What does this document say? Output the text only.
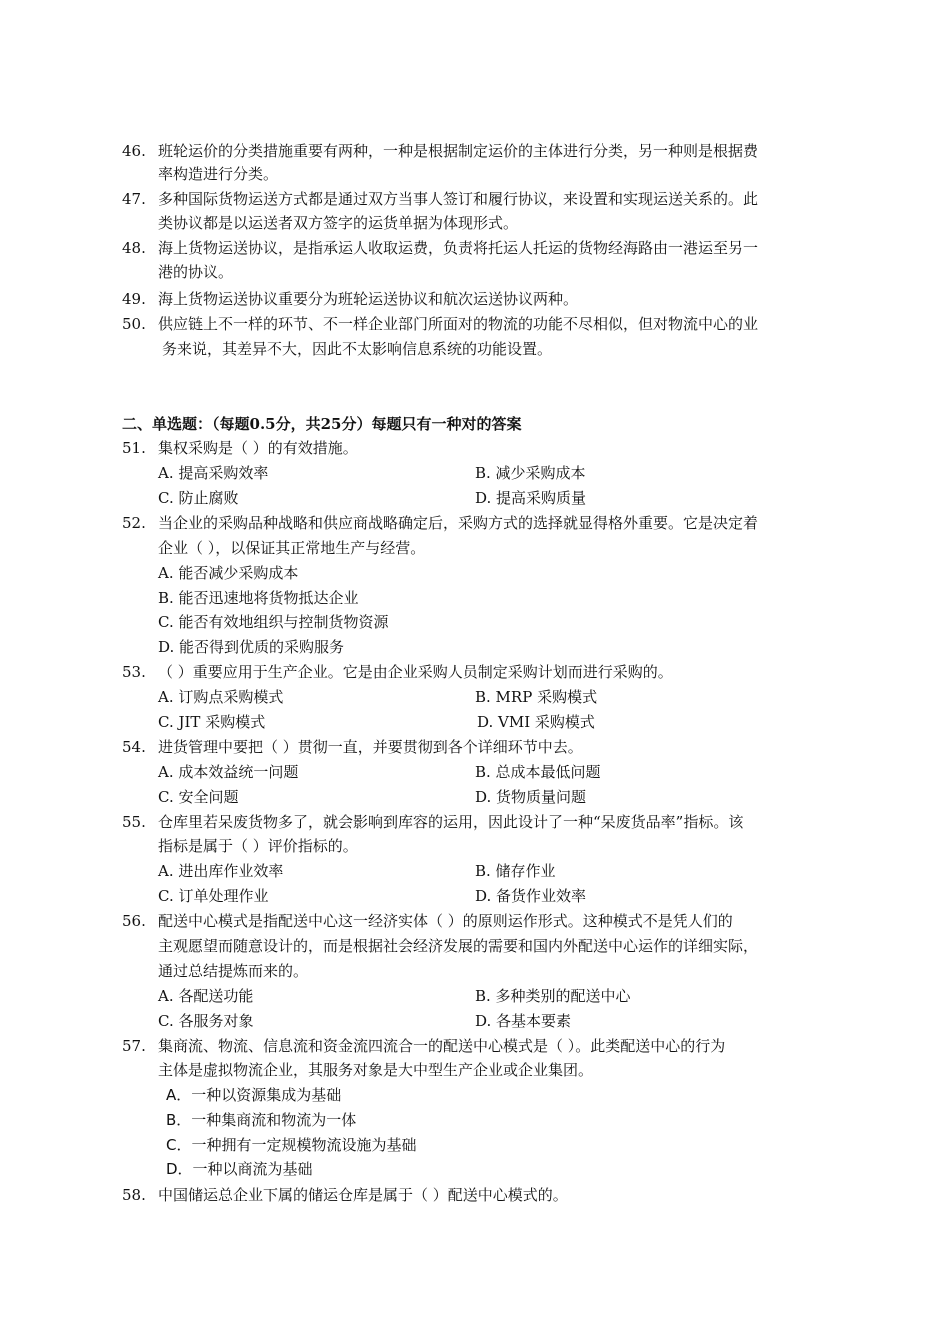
46. 班轮运价的分类措施重要有两种，一种是根据制定运价的主体进行分类，另一种则是根据费
率构造进行分类。
47. 多种国际货物运送方式都是通过双方当事人签订和履行协议，来设置和实现运送关系的。此
类协议都是以运送者双方签字的运货单据为体现形式。
48. 海上货物运送协议，是指承运人收取运费，负责将托运人托运的货物经海路由一港运至另一
港的协议。
49. 海上货物运送协议重要分为班轮运送协议和航次运送协议两种。
50. 供应链上不一样的环节、不一样企业部门所面对的物流的功能不尽相似，但对物流中心的业
务来说，其差异不大，因此不太影响信息系统的功能设置。
二、单选题：（每题0.5分，共25分）每题只有一种对的答案
51. 集权采购是（ ）的有效措施。
A. 提高采购效率	B. 减少采购成本
C. 防止腐败	D. 提高采购质量
52. 当企业的采购品种战略和供应商战略确定后，采购方式的选择就显得格外重要。它是决定着
企业（ ），以保证其正常地生产与经营。
A. 能否减少采购成本
B. 能否迅速地将货物抵达企业
C. 能否有效地组织与控制货物资源
D. 能否得到优质的采购服务
53. （ ）重要应用于生产企业。它是由企业采购人员制定采购计划而进行采购的。
A. 订购点采购模式	B. MRP 采购模式
C. JIT 采购模式	D. VMI 采购模式
54. 进货管理中要把（ ）贯彻一直，并要贯彻到各个详细环节中去。
A. 成本效益统一问题	B. 总成本最低问题
C. 安全问题	D. 货物质量问题
55. 仓库里若呆废货物多了，就会影响到库容的运用，因此设计了一种“呆废货品率”指标。该
指标是属于（ ）评价指标的。
A. 进出库作业效率	B. 储存作业
C. 订单处理作业	D. 备货作业效率
56. 配送中心模式是指配送中心这一经济实体（ ）的原则运作形式。这种模式不是凭人们的
主观愿望而随意设计的，而是根据社会经济发展的需要和国内外配送中心运作的详细实际，
通过总结提炼而来的。
A. 各配送功能	B. 多种类别的配送中心
C. 各服务对象	D. 各基本要素
57. 集商流、物流、信息流和资金流四流合一的配送中心模式是（ ）。此类配送中心的行为
主体是虚拟物流企业，其服务对象是大中型生产企业或企业集团。
A．一种以资源集成为基础
B．一种集商流和物流为一体
C．一种拥有一定规模物流设施为基础
D．一种以商流为基础
58. 中国储运总企业下属的储运仓库是属于（ ）配送中心模式的。
